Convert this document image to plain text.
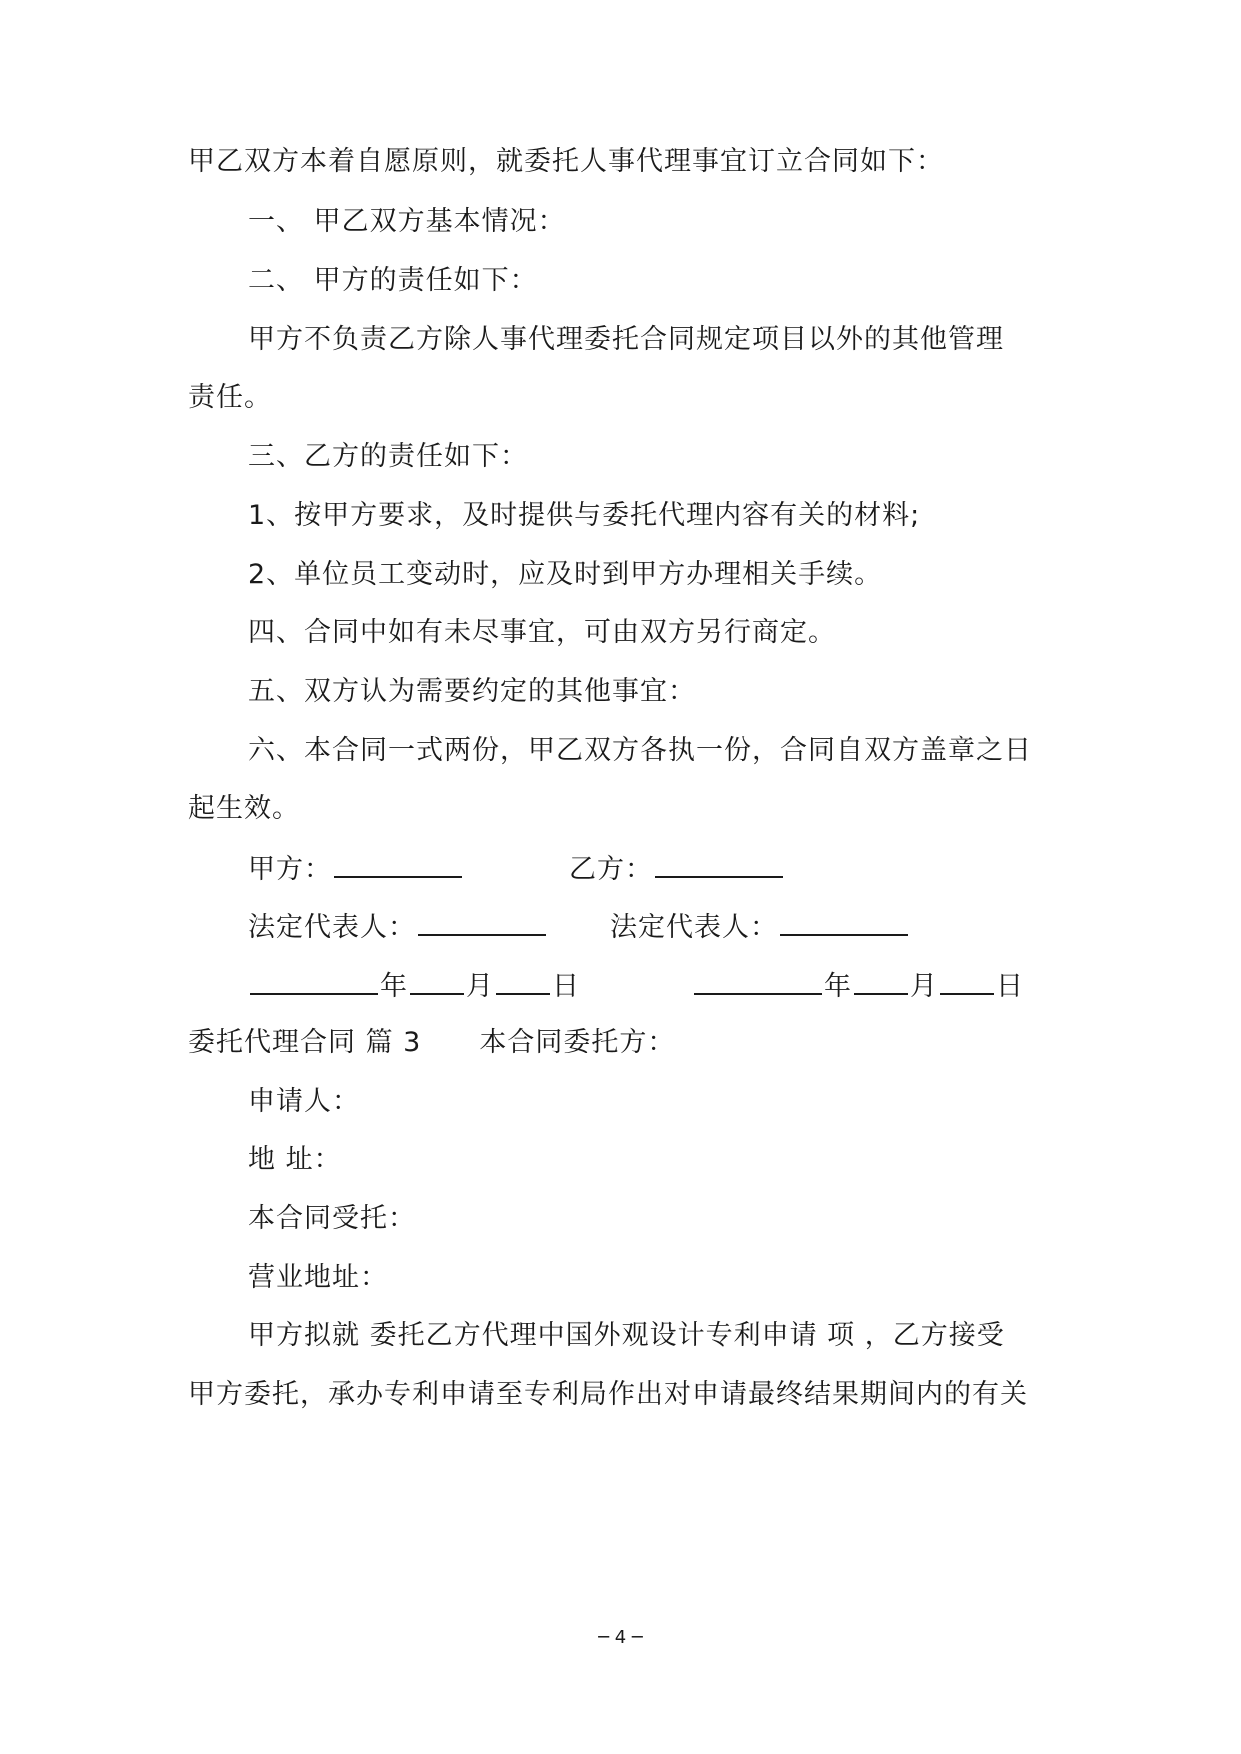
甲乙双方本着自愿原则，就委托人事代理事宜订立合同如下：
一、 甲乙双方基本情况：
二、 甲方的责任如下：
甲方不负责乙方除人事代理委托合同规定项目以外的其他管理
责任。
三、乙方的责任如下：
1、按甲方要求，及时提供与委托代理内容有关的材料;
2、单位员工变动时，应及时到甲方办理相关手续。
四、合同中如有未尽事宜，可由双方另行商定。
五、双方认为需要约定的其他事宜：
六、本合同一式两份，甲乙双方各执一份，合同自双方盖章之日
起生效。
甲方：	乙方：
法定代表人：	法定代表人：
年 月 日	年 月 日
委托代理合同 篇 3 本合同委托方：
申请人：
地 址：
本合同受托：
营业地址：
甲方拟就 委托乙方代理中国外观设计专利申请 项 ，乙方接受
甲方委托，承办专利申请至专利局作出对申请最终结果期间内的有关
─ 4 ─
